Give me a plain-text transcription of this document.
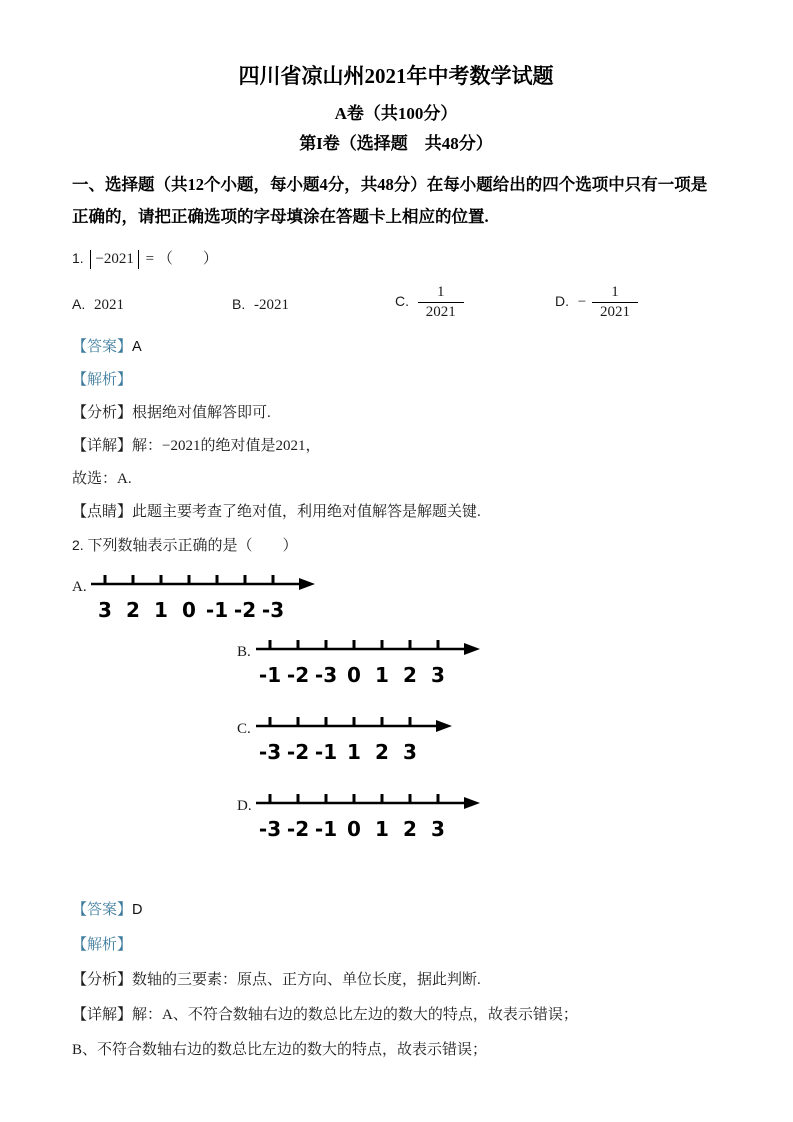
四川省凉山州2021年中考数学试题
A卷（共100分）
第I卷（选择题　共48分）

一、选择题（共12个小题，每小题4分，共48分）在每小题给出的四个选项中只有一项是
正确的，请把正确选项的字母填涂在答题卡上相应的位置.

1. −2021 = （　　）
A. 2021	B. -2021	C. $\frac{1}{2021}$	D. − $\frac{1}{2021}$

【答案】A

【解析】

【分析】根据绝对值解答即可.

【详解】解：−2021的绝对值是2021，

故选：A.

【点睛】此题主要考查了绝对值，利用绝对值解答是解题关键.

2. 下列数轴表示正确的是（　　）

A.
3 2 1 0 -1 -2 -3
B.
-1 -2 -3 0 1 2 3
C.
-3 -2 -1 1 2 3
D.
-3 -2 -1 0 1 2 3

【答案】D

【解析】

【分析】数轴的三要素：原点、正方向、单位长度，据此判断.

【详解】解：A、不符合数轴右边的数总比左边的数大的特点，故表示错误；

B、不符合数轴右边的数总比左边的数大的特点，故表示错误；
